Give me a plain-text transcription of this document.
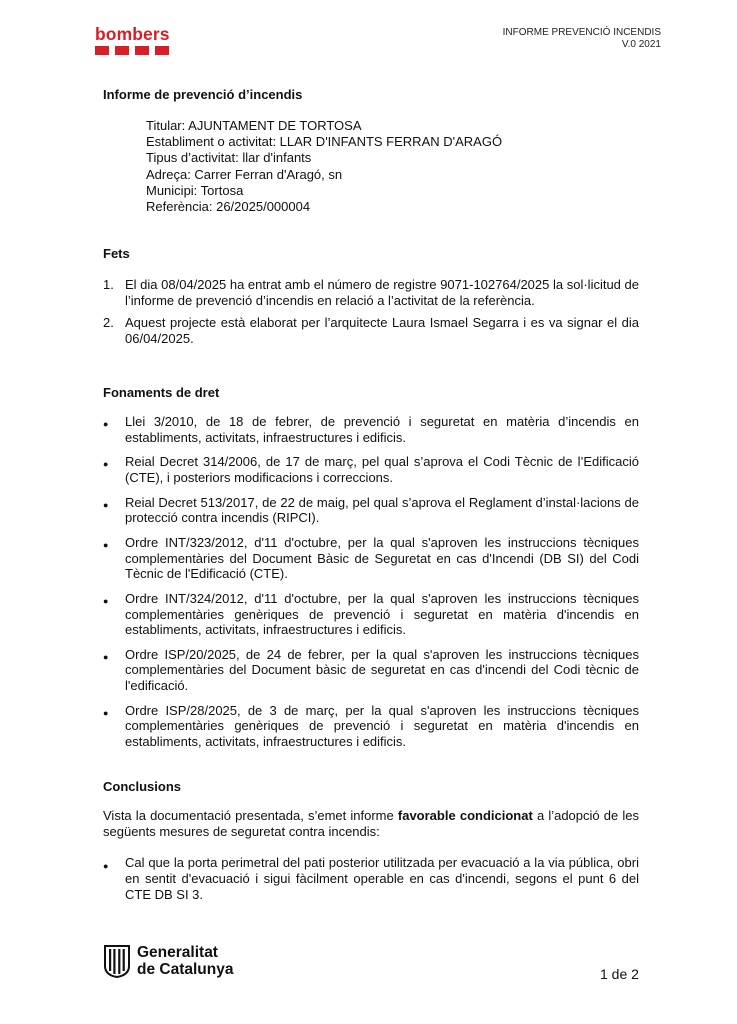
bombers	INFORME PREVENCIÓ INCENDIS
V.0 2021
Informe de prevenció d’incendis
Titular: AJUNTAMENT DE TORTOSA
Establiment o activitat: LLAR D'INFANTS FERRAN D'ARAGÓ
Tipus d’activitat: llar d'infants
Adreça: Carrer Ferran d'Aragó, sn
Municipi: Tortosa
Referència: 26/2025/000004
Fets
1. El dia 08/04/2025 ha entrat amb el número de registre 9071-102764/2025 la sol·licitud de l’informe de prevenció d’incendis en relació a l’activitat de la referència.
2. Aquest projecte està elaborat per l’arquitecte Laura Ismael Segarra i es va signar el dia 06/04/2025.
Fonaments de dret
●	Llei 3/2010, de 18 de febrer, de prevenció i seguretat en matèria d’incendis en establiments, activitats, infraestructures i edificis.
●	Reial Decret 314/2006, de 17 de març, pel qual s’aprova el Codi Tècnic de l’Edificació (CTE), i posteriors modificacions i correccions.
●	Reial Decret 513/2017, de 22 de maig, pel qual s’aprova el Reglament d’instal·lacions de protecció contra incendis (RIPCI).
●	Ordre INT/323/2012, d'11 d'octubre, per la qual s'aproven les instruccions tècniques complementàries del Document Bàsic de Seguretat en cas d'Incendi (DB SI) del Codi Tècnic de l'Edificació (CTE).
●	Ordre INT/324/2012, d'11 d'octubre, per la qual s'aproven les instruccions tècniques complementàries genèriques de prevenció i seguretat en matèria d'incendis en establiments, activitats, infraestructures i edificis.
●	Ordre ISP/20/2025, de 24 de febrer, per la qual s'aproven les instruccions tècniques complementàries del Document bàsic de seguretat en cas d'incendi del Codi tècnic de l'edificació.
●	Ordre ISP/28/2025, de 3 de març, per la qual s'aproven les instruccions tècniques complementàries genèriques de prevenció i seguretat en matèria d'incendis en establiments, activitats, infraestructures i edificis.
Conclusions
Vista la documentació presentada, s’emet informe favorable condicionat a l’adopció de les següents mesures de seguretat contra incendis:
●	Cal que la porta perimetral del pati posterior utilitzada per evacuació a la via pública, obri en sentit d'evacuació i sigui fàcilment operable en cas d'incendi, segons el punt 6 del CTE DB SI 3.
Generalitat
de Catalunya	1 de 2
